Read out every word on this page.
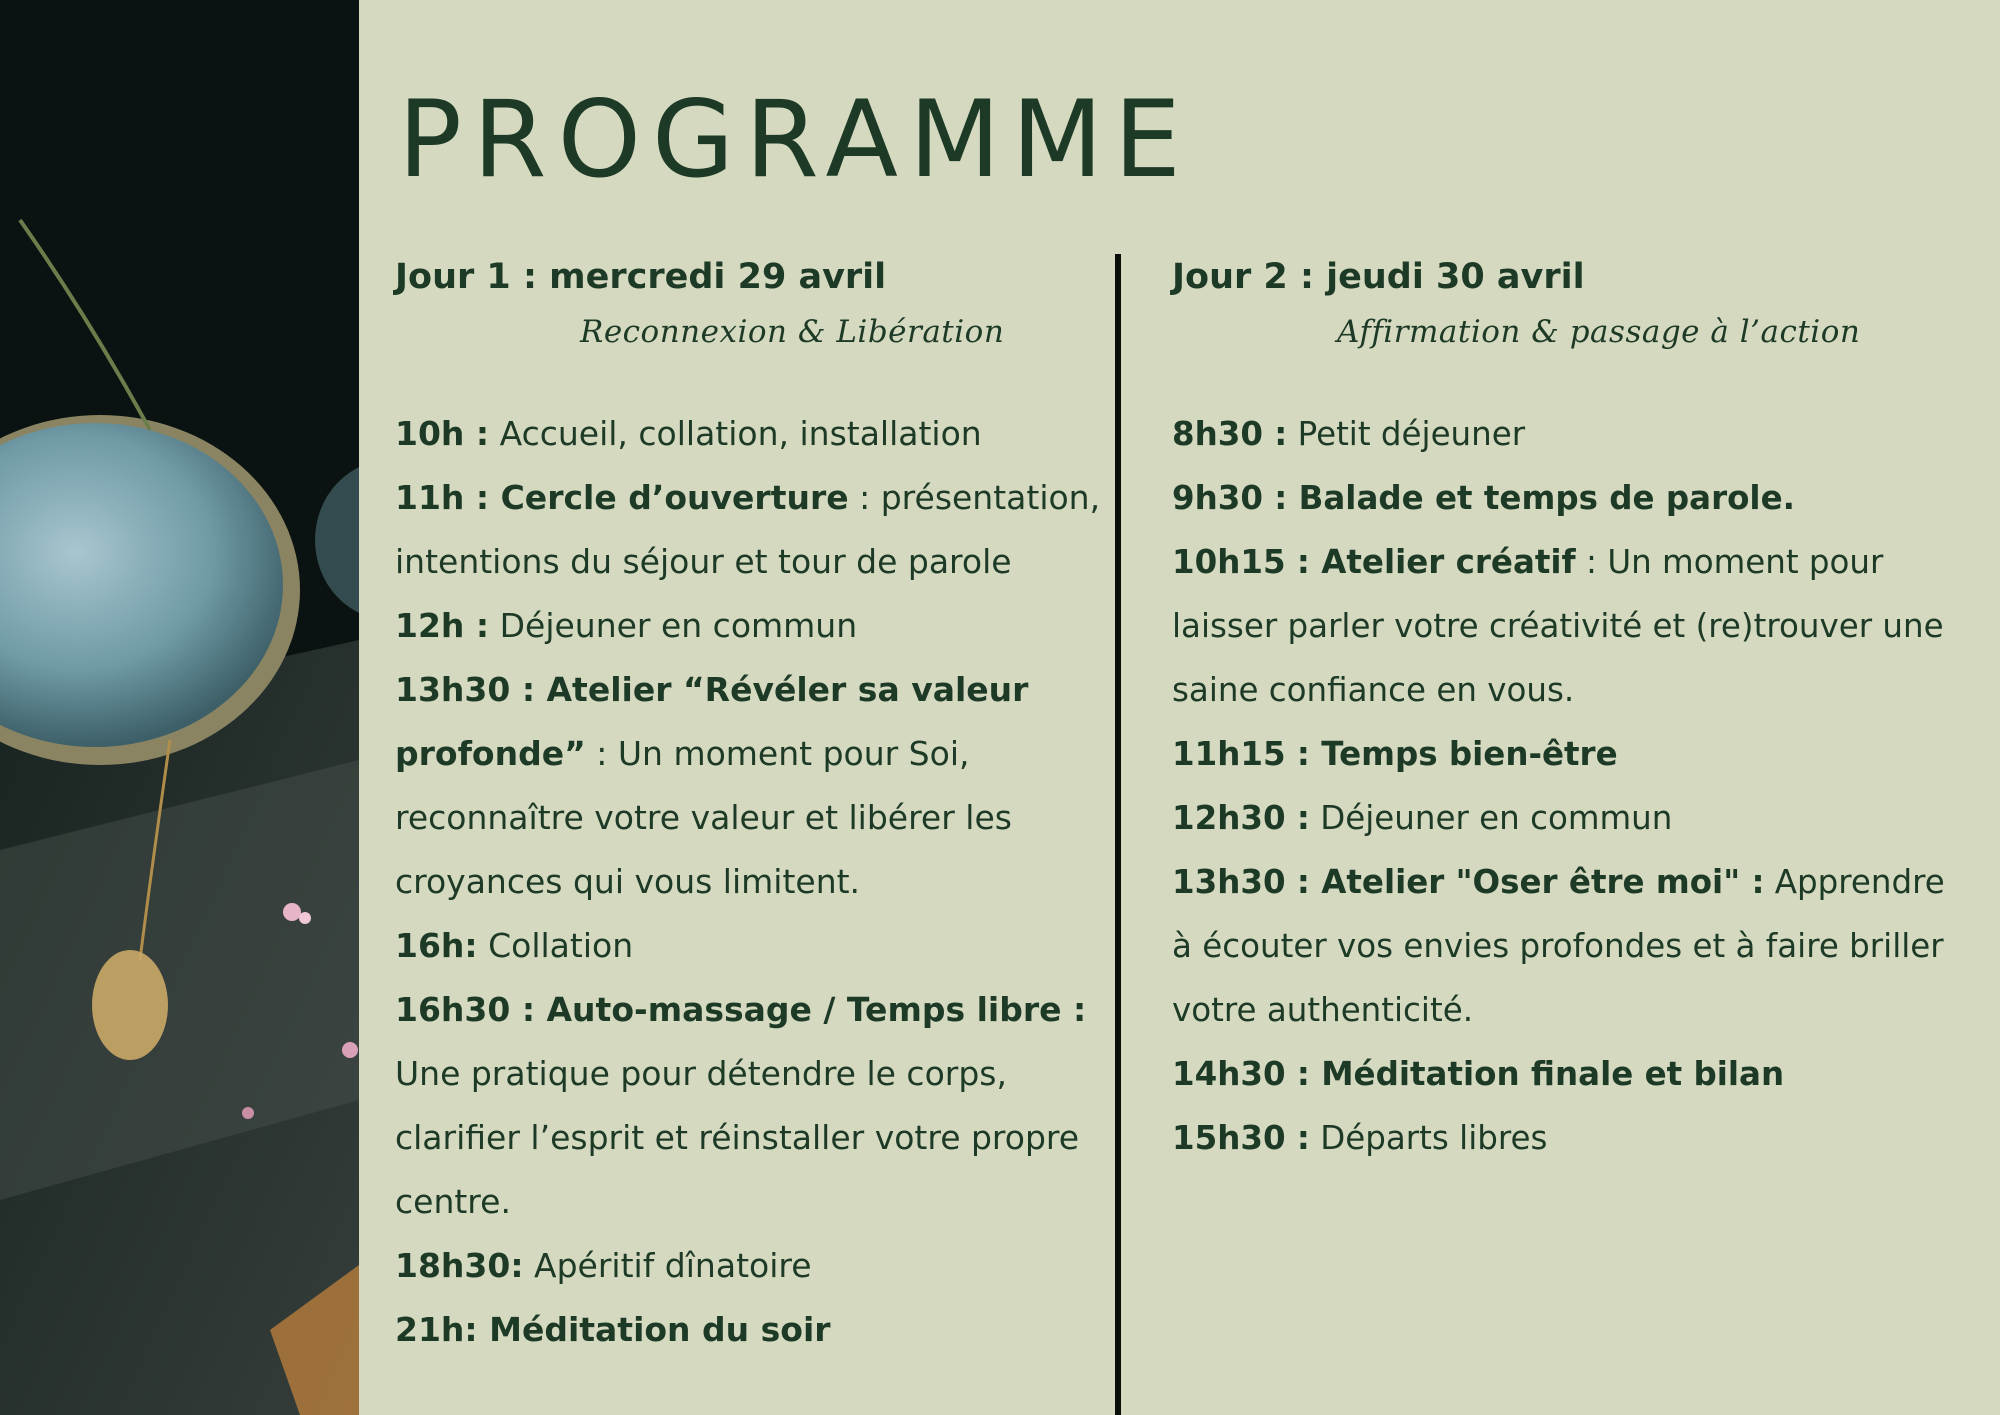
PROGRAMME

Jour 1 : mercredi 29 avril

Reconnexion & Libération

10h : Accueil, collation, installation

11h : Cercle d’ouverture : présentation, intentions du séjour et tour de parole

12h : Déjeuner en commun

13h30 : Atelier “Révéler sa valeur profonde” : Un moment pour Soi, reconnaître votre valeur et libérer les croyances qui vous limitent.

16h: Collation

16h30 : Auto-massage / Temps libre : Une pratique pour détendre le corps, clarifier l’esprit et réinstaller votre propre centre.

18h30: Apéritif dînatoire

21h: Méditation du soir

Jour 2 : jeudi 30 avril

Affirmation & passage à l’action

8h30 : Petit déjeuner

9h30 : Balade et temps de parole.

10h15 : Atelier créatif : Un moment pour laisser parler votre créativité et (re)trouver une saine confiance en vous.

11h15 : Temps bien-être

12h30 : Déjeuner en commun

13h30 : Atelier "Oser être moi" : Apprendre à écouter vos envies profondes et à faire briller votre authenticité.

14h30 : Méditation finale et bilan

15h30 : Départs libres
